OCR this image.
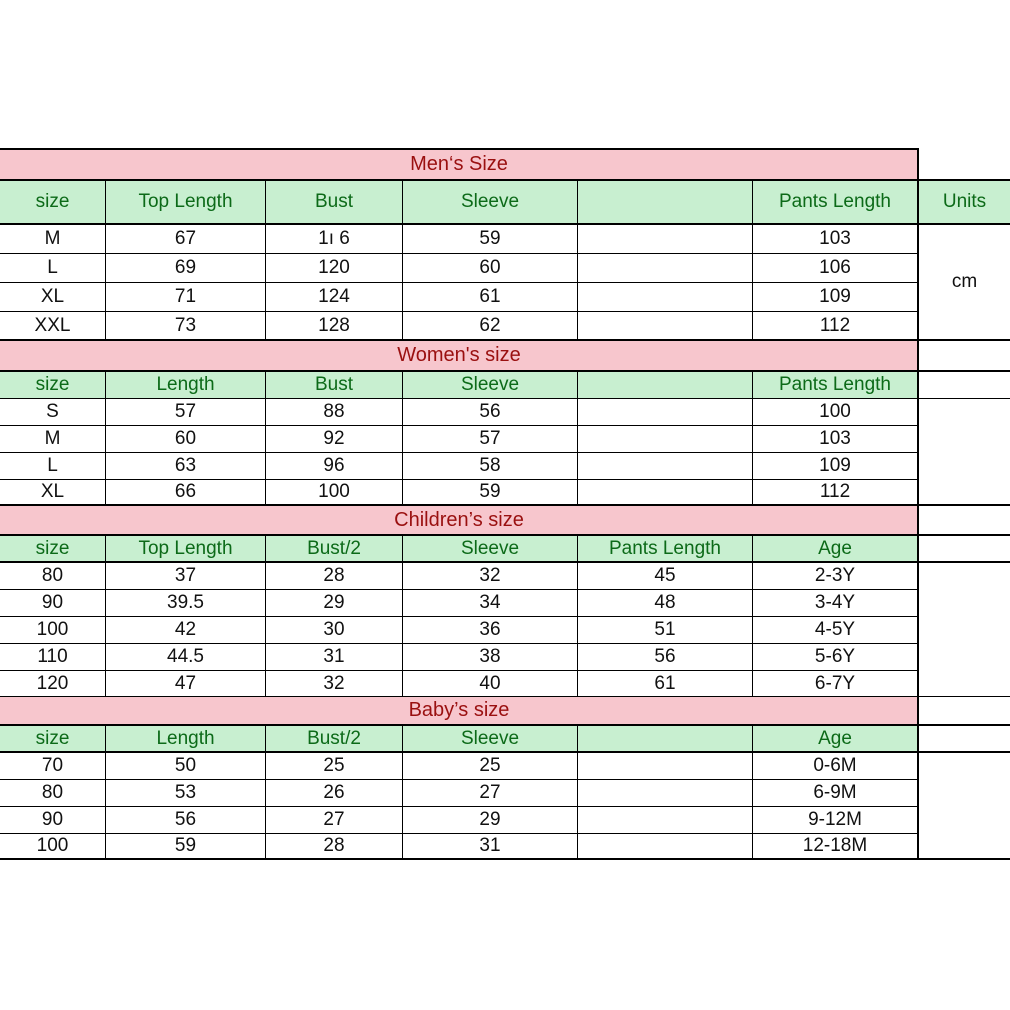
Men‘s Size
size	Top Length	Bust	Sleeve	Pants Length	Units
M	67	1ı 6	59	103
L	69	120	60	106
XL	71	124	61	109
XXL	73	128	62	112
cm
Women's size
size	Length	Bust	Sleeve	Pants Length
S	57	88	56	100
M	60	92	57	103
L	63	96	58	109
XL	66	100	59	112
Children’s size
size	Top Length	Bust/2	Sleeve	Pants Length	Age
80	37	28	32	45	2-3Y
90	39.5	29	34	48	3-4Y
100	42	30	36	51	4-5Y
110	44.5	31	38	56	5-6Y
120	47	32	40	61	6-7Y
Baby’s size
size	Length	Bust/2	Sleeve	Age
70	50	25	25	0-6M
80	53	26	27	6-9M
90	56	27	29	9-12M
100	59	28	31	12-18M
